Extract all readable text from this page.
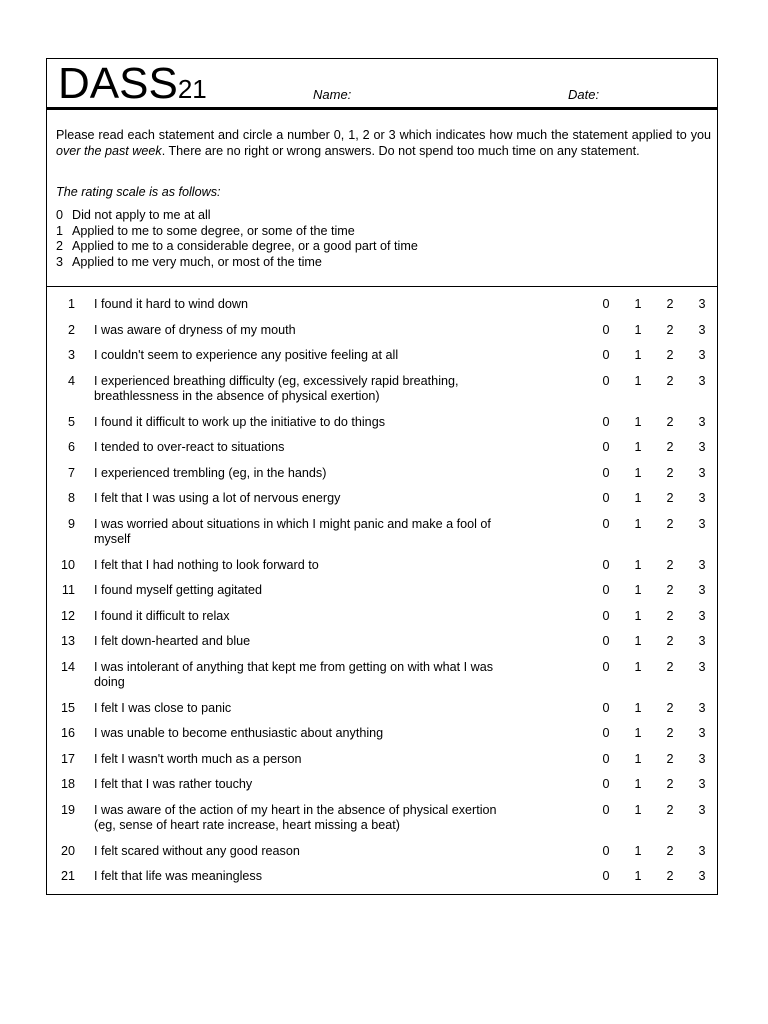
DASS21	Name:	Date:
Please read each statement and circle a number 0, 1, 2 or 3 which indicates how much the statement applied to you over the past week. There are no right or wrong answers. Do not spend too much time on any statement.
The rating scale is as follows:
0 Did not apply to me at all
1 Applied to me to some degree, or some of the time
2 Applied to me to a considerable degree, or a good part of time
3 Applied to me very much, or most of the time
1 I found it hard to wind down	0 1 2 3
2 I was aware of dryness of my mouth	0 1 2 3
3 I couldn't seem to experience any positive feeling at all	0 1 2 3
4 I experienced breathing difficulty (eg, excessively rapid breathing, breathlessness in the absence of physical exertion)
0 1 2 3
5 I found it difficult to work up the initiative to do things	0 1 2 3
6 I tended to over-react to situations	0 1 2 3
7 I experienced trembling (eg, in the hands)	0 1 2 3
8 I felt that I was using a lot of nervous energy	0 1 2 3
9 I was worried about situations in which I might panic and make a fool of myself
0 1 2 3
10 I felt that I had nothing to look forward to	0 1 2 3
11 I found myself getting agitated	0 1 2 3
12 I found it difficult to relax	0 1 2 3
13 I felt down-hearted and blue	0 1 2 3
14 I was intolerant of anything that kept me from getting on with what I was doing
0 1 2 3
15 I felt I was close to panic	0 1 2 3
16 I was unable to become enthusiastic about anything	0 1 2 3
17 I felt I wasn't worth much as a person	0 1 2 3
18 I felt that I was rather touchy	0 1 2 3
19 I was aware of the action of my heart in the absence of physical exertion (eg, sense of heart rate increase, heart missing a beat)
0 1 2 3
20 I felt scared without any good reason	0 1 2 3
21 I felt that life was meaningless	0 1 2 3
